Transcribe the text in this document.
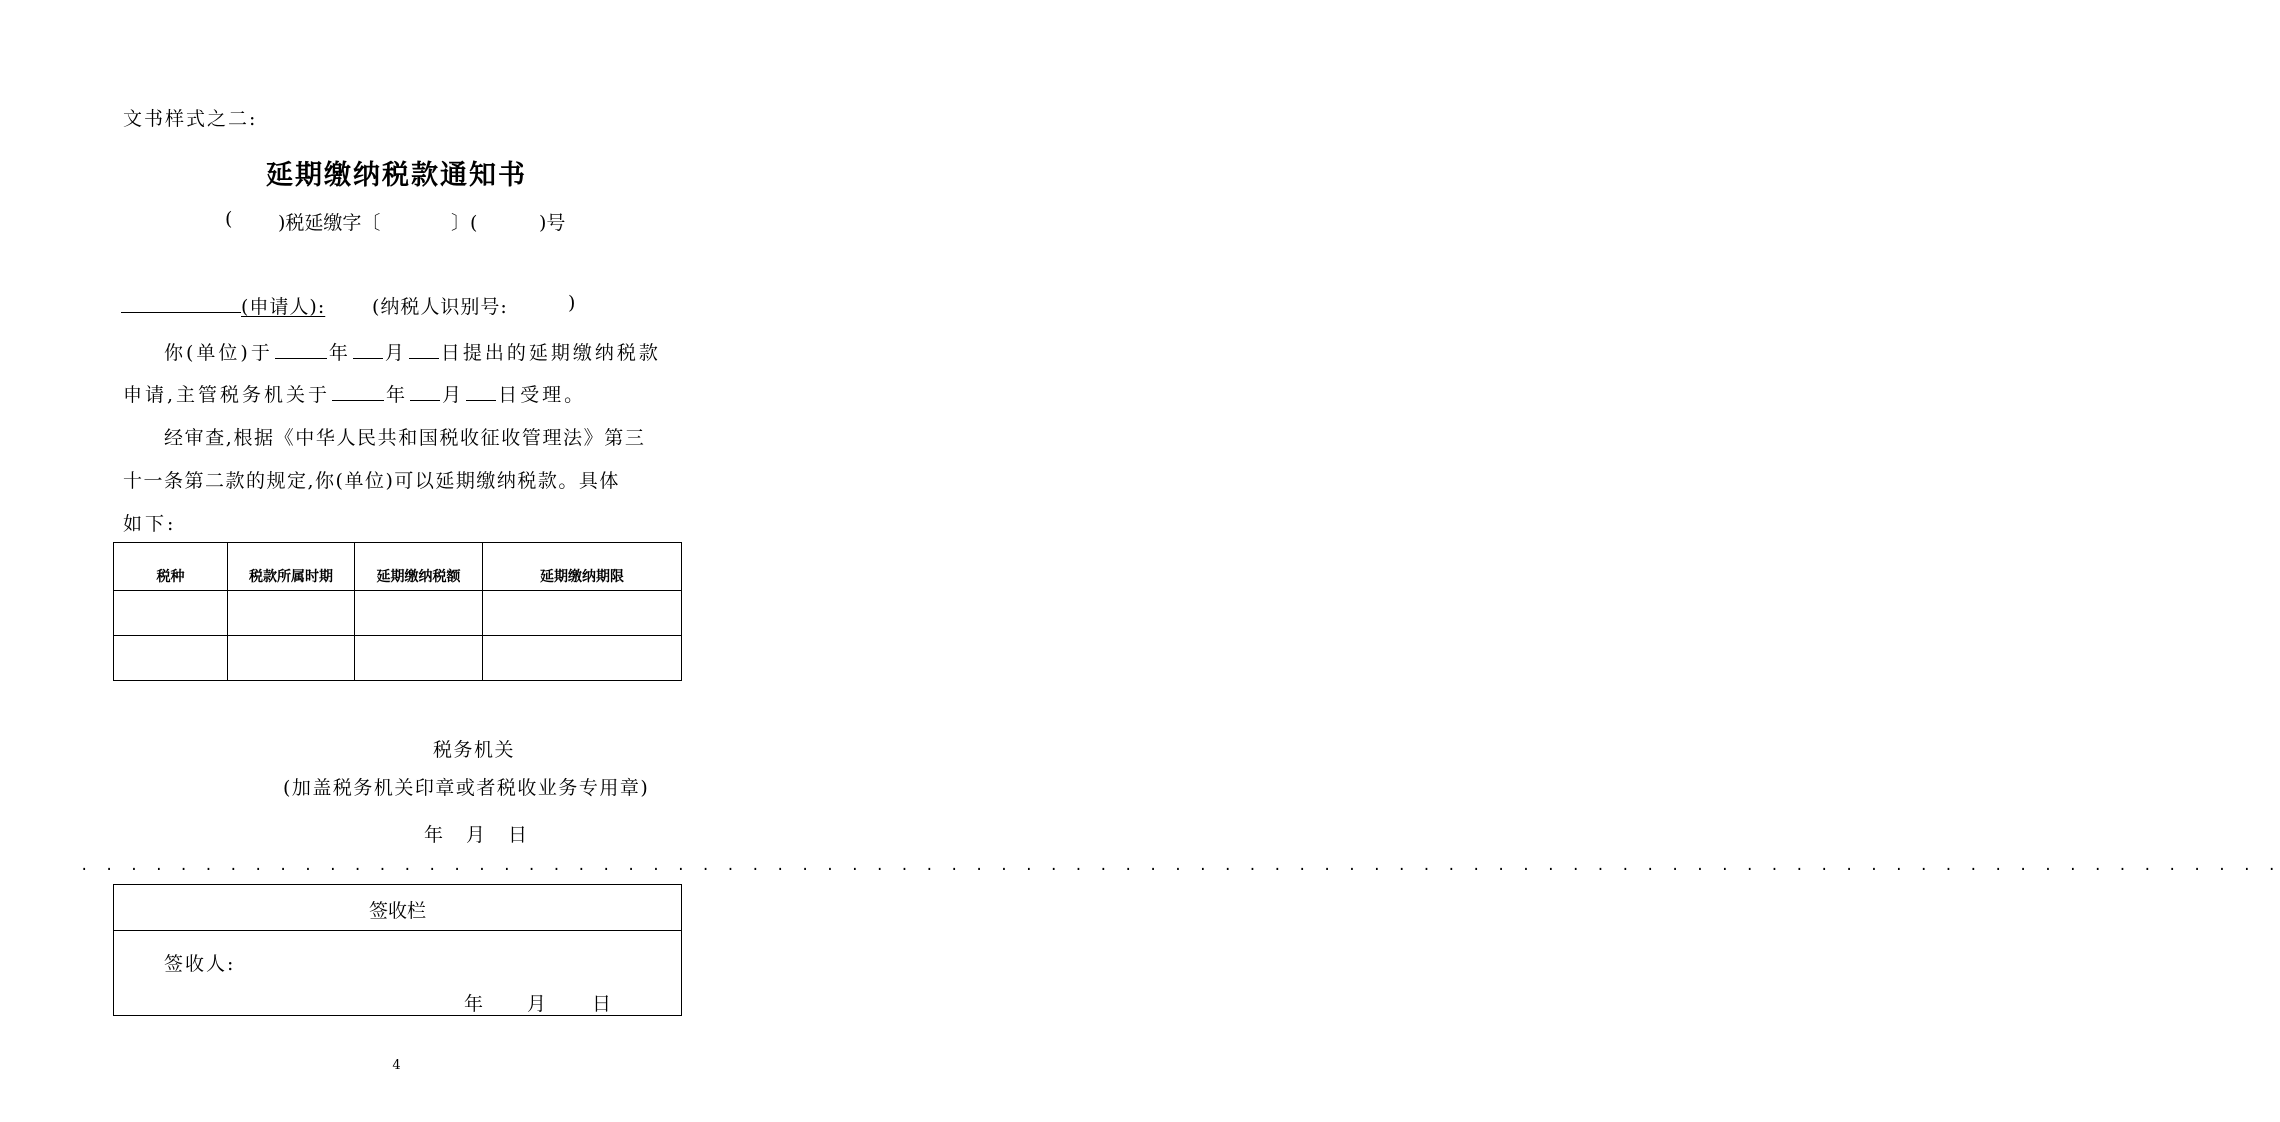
文书样式之二:
延期缴纳税款通知书
( )税延缴字〔	〕(	)号
(申请人): (纳税人识别号:	)
你(单位)于	年 月 日提出的延期缴纳税款
申请,主管税务机关于	年 月 日受理。
经审查,根据《中华人民共和国税收征收管理法》第三
十一条第二款的规定,你(单位)可以延期缴纳税款。具体
如下:
税种	税款所属时期	延期缴纳税额	延期缴纳期限

税务机关
(加盖税务机关印章或者税收业务专用章)
年 月 日
. . . . . . . . . . . . . . . . . . . . . . . . . . . . . . . . . . . . . . . . . . . . . . . . . . . . . . . . . . . . . . . . . . . . . . . . . . . . . . . . . . . . . . . . .
签收栏
签收人:
年 月 日
4
